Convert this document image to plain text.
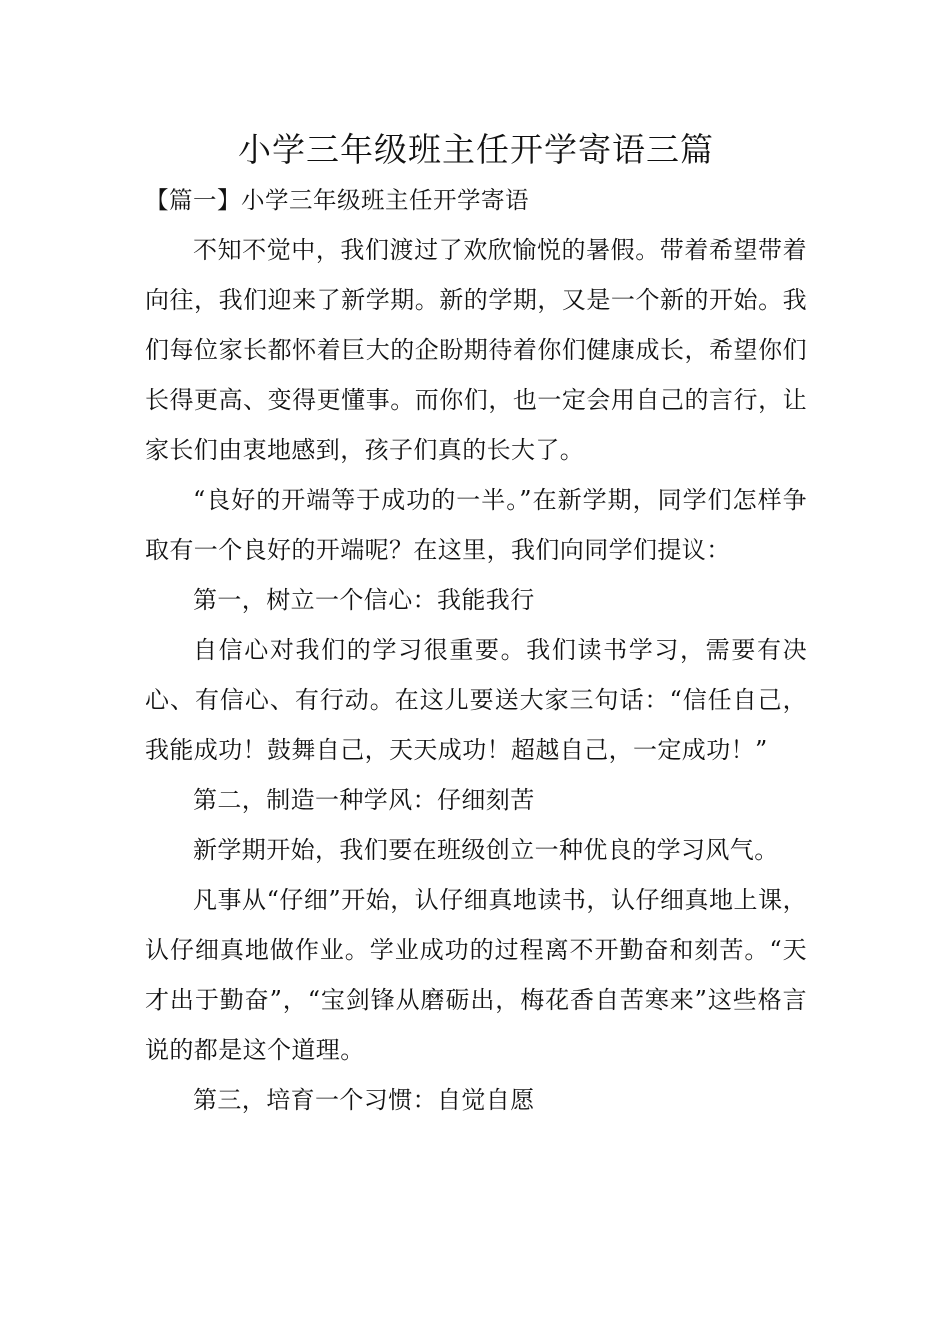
小学三年级班主任开学寄语三篇
【篇一】小学三年级班主任开学寄语

不知不觉中，我们渡过了欢欣愉悦的暑假。带着希望带着向往，我们迎来了新学期。新的学期，又是一个新的开始。我们每位家长都怀着巨大的企盼期待着你们健康成长，希望你们长得更高、变得更懂事。而你们，也一定会用自己的言行，让家长们由衷地感到，孩子们真的长大了。

“良好的开端等于成功的一半。”在新学期，同学们怎样争取有一个良好的开端呢？在这里，我们向同学们提议：

第一，树立一个信心：我能我行

自信心对我们的学习很重要。我们读书学习，需要有决心、有信心、有行动。在这儿要送大家三句话：“信任自己，我能成功！鼓舞自己，天天成功！超越自己，一定成功！”

第二，制造一种学风：仔细刻苦

新学期开始，我们要在班级创立一种优良的学习风气。

凡事从“仔细”开始，认仔细真地读书，认仔细真地上课，认仔细真地做作业。学业成功的过程离不开勤奋和刻苦。“天才出于勤奋”，“宝剑锋从磨砺出，梅花香自苦寒来”这些格言说的都是这个道理。

第三，培育一个习惯：自觉自愿
